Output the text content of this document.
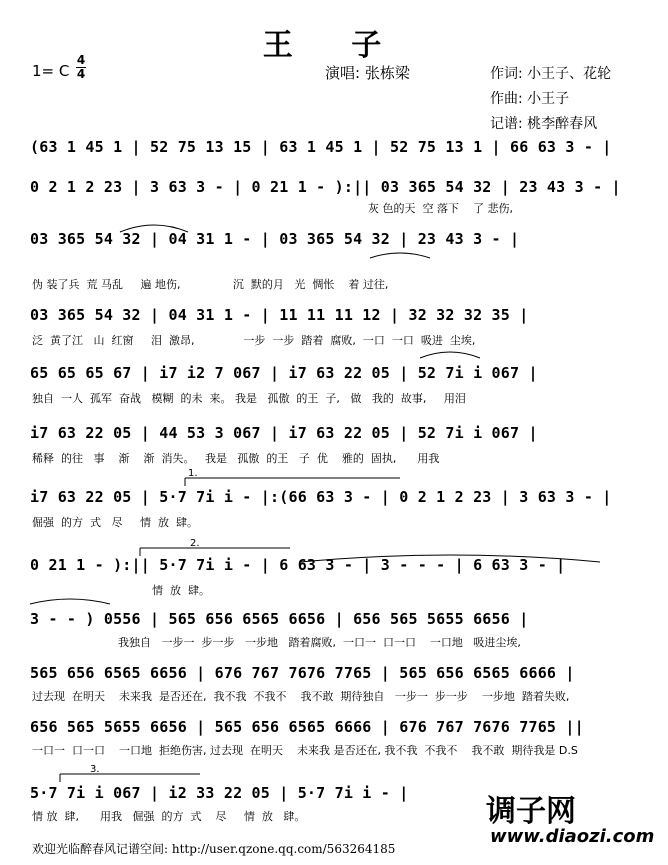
王 子
1= C
4
4	演唱: 张栋梁	作词: 小王子、花轮
作曲: 小王子
记谱: 桃李醉春风
(63 1 45 1 | 52 75 13 15 | 63 1 45 1 | 52 75 13 1 | 66 63 3 - |
0 2 1 2 23 | 3 63 3 - | 0 21 1 - ):|| 03 365 54 32 | 23 43 3 - |
灰 色的天  空 落下    了 悲伤,
03 365 54 32 | 04 31 1 - | 03 365 54 32 | 23 43 3 - |
伪 装了兵  荒 马乱     遍 地伤,               沉  默的月   光  惆怅    着 过往,
03 365 54 32 | 04 31 1 - | 11 11 11 12 | 32 32 32 35 |
泛  黄了江   山  红窗     泪  激昂,              一步  一步  踏着  腐败,  一口  一口  吸进  尘埃,
65 65 65 67 | i7 i2 7 067 | i7 63 22 05 | 52 7i i 067 |
独自  一人  孤军  奋战   模糊  的未  来。 我是   孤傲  的王  子,   做   我的  故事,     用泪
i7 63 22 05 | 44 53 3 067 | i7 63 22 05 | 52 7i i 067 |
稀释  的往   事    渐    渐  消失。   我是   孤傲  的王   子  优    雅的  固执,      用我
i7 63 22 05 | 5·7 7i i - |:(66 63 3 - | 0 2 1 2 23 | 3 63 3 - |
倔强  的方  式   尽     情  放  肆。
0 21 1 - ):|| 5·7 7i i - | 6 63 3 - | 3 - - - | 6 63 3 - |
情  放  肆。
3 - - ) 0556 | 565 656 6565 6656 | 656 565 5655 6656 |
我独自   一步一  步一步   一步地   踏着腐败,  一口一  口一口    一口地   吸进尘埃,
565 656 6565 6656 | 676 767 7676 7765 | 565 656 6565 6666 |
过去现  在明天    未来我  是否还在,  我不我  不我不    我不敢  期待独自   一步一  步一步    一步地  踏着失败,
656 565 5655 6656 | 565 656 6565 6666 | 676 767 7676 7765 ||
一口一  口一口    一口地  拒绝伤害, 过去现  在明天    未来我 是否还在, 我不我  不我不    我不敢  期待我是 D.S
5·7 7i i 067 | i2 33 22 05 | 5·7 7i i - |
情 放  肆,      用我   倔强  的方  式    尽     情  放   肆。
1.
2.
3.
调子网
www.diaozi.com
欢迎光临醉春风记谱空间: http://user.qzone.qq.com/563264185
